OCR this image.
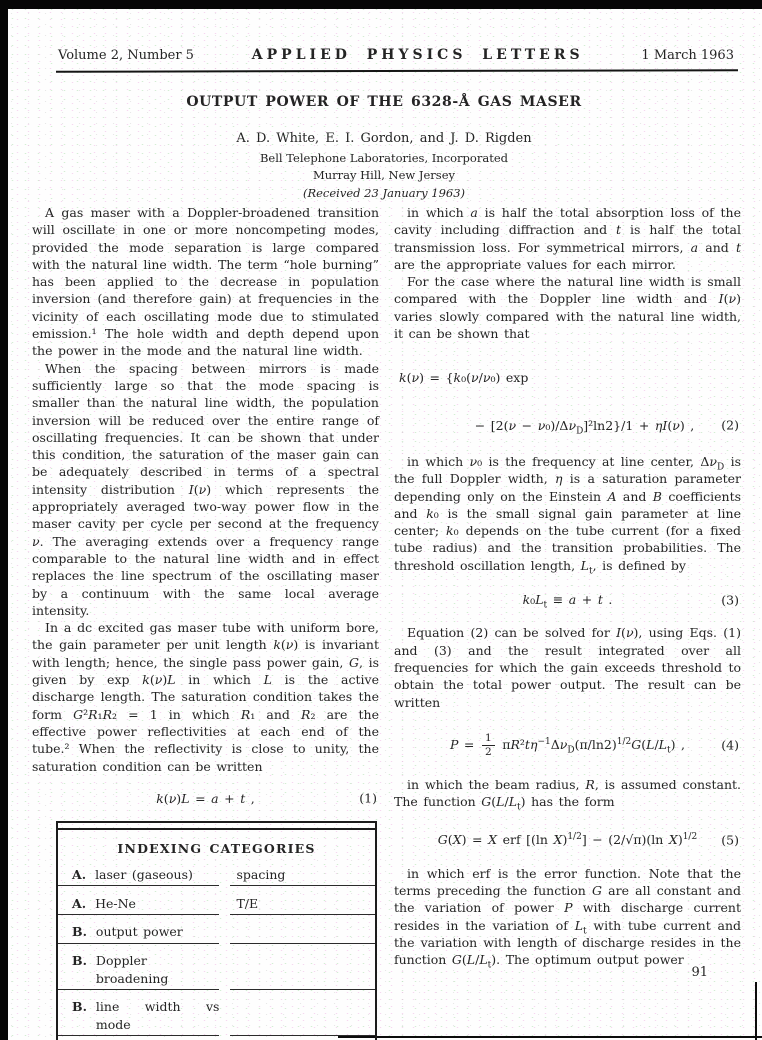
Volume 2, Number 5	APPLIED PHYSICS LETTERS	1 March 1963
OUTPUT POWER OF THE 6328-Å GAS MASER
A. D. White, E. I. Gordon, and J. D. Rigden
Bell Telephone Laboratories, Incorporated
Murray Hill, New Jersey
(Received 23 January 1963)

A gas maser with a Doppler-broadened transition will oscillate in one or more noncompeting modes, provided the mode separation is large compared with the natural line width. The term “hole burning” has been applied to the decrease in population inversion (and therefore gain) at frequencies in the vicinity of each oscillating mode due to stimulated emission.¹ The hole width and depth depend upon the power in the mode and the natural line width.

When the spacing between mirrors is made sufficiently large so that the mode spacing is smaller than the natural line width, the population inversion will be reduced over the entire range of oscillating frequencies. It can be shown that under this condition, the saturation of the maser gain can be adequately described in terms of a spectral intensity distribution I(ν) which represents the appropriately averaged two-way power flow in the maser cavity per cycle per second at the frequency ν. The averaging extends over a frequency range comparable to the natural line width and in effect replaces the line spectrum of the oscillating maser by a continuum with the same local average intensity.

In a dc excited gas maser tube with uniform bore, the gain parameter per unit length k(ν) is invariant with length; hence, the single pass power gain, G, is given by exp k(ν)L in which L is the active discharge length. The saturation condition takes the form G²R₁R₂ = 1 in which R₁ and R₂ are the effective power reflectivities at each end of the tube.² When the reflectivity is close to unity, the saturation condition can be written

k(ν)L = a + t ,	(1)
INDEXING CATEGORIES
A. laser (gaseous)	spacing
A. He-Ne	T/E
B. output power
B. Doppler broadening
B. line width vs mode

in which a is half the total absorption loss of the cavity including diffraction and t is half the total transmission loss. For symmetrical mirrors, a and t are the appropriate values for each mirror.

For the case where the natural line width is small compared with the Doppler line width and I(ν) varies slowly compared with the natural line width, it can be shown that

k(ν) = {k₀(ν/ν₀) exp
− $[2(\nu - \nu_0)/\Delta\nu_D]^2\ln 2\}/1 + \eta I(\nu)$ , (2)

in which ν₀ is the frequency at line center, $\Delta\nu_D$ is the full Doppler width, η is a saturation parameter depending only on the Einstein A and B coefficients and k₀ is the small signal gain parameter at line center; k₀ depends on the tube current (for a fixed tube radius) and the transition probabilities. The threshold oscillation length, $L_t$, is defined by

$k_0L_t \equiv a + t$ .	(3)

Equation (2) can be solved for I(ν), using Eqs. (1) and (3) and the result integrated over all frequencies for which the gain exceeds threshold to obtain the total power output. The result can be written

$P = \frac{1}{2} \pi R^2t\eta^{-1}\Delta\nu_D(\pi/\ln 2)^{1/2}G(L/L_t)$ ,	(4)

in which the beam radius, R, is assumed constant. The function $G(L/L_t)$ has the form

G(X) = X erf [(ln X)$^{1/2}$] − (2/√π)(ln X)$^{1/2}$ (5)

in which erf is the error function. Note that the terms preceding the function G are all constant and the variation of power P with discharge current resides in the variation of $L_t$ with tube current and the variation with length of discharge resides in the function $G(L/L_t)$. The optimum output power

91
